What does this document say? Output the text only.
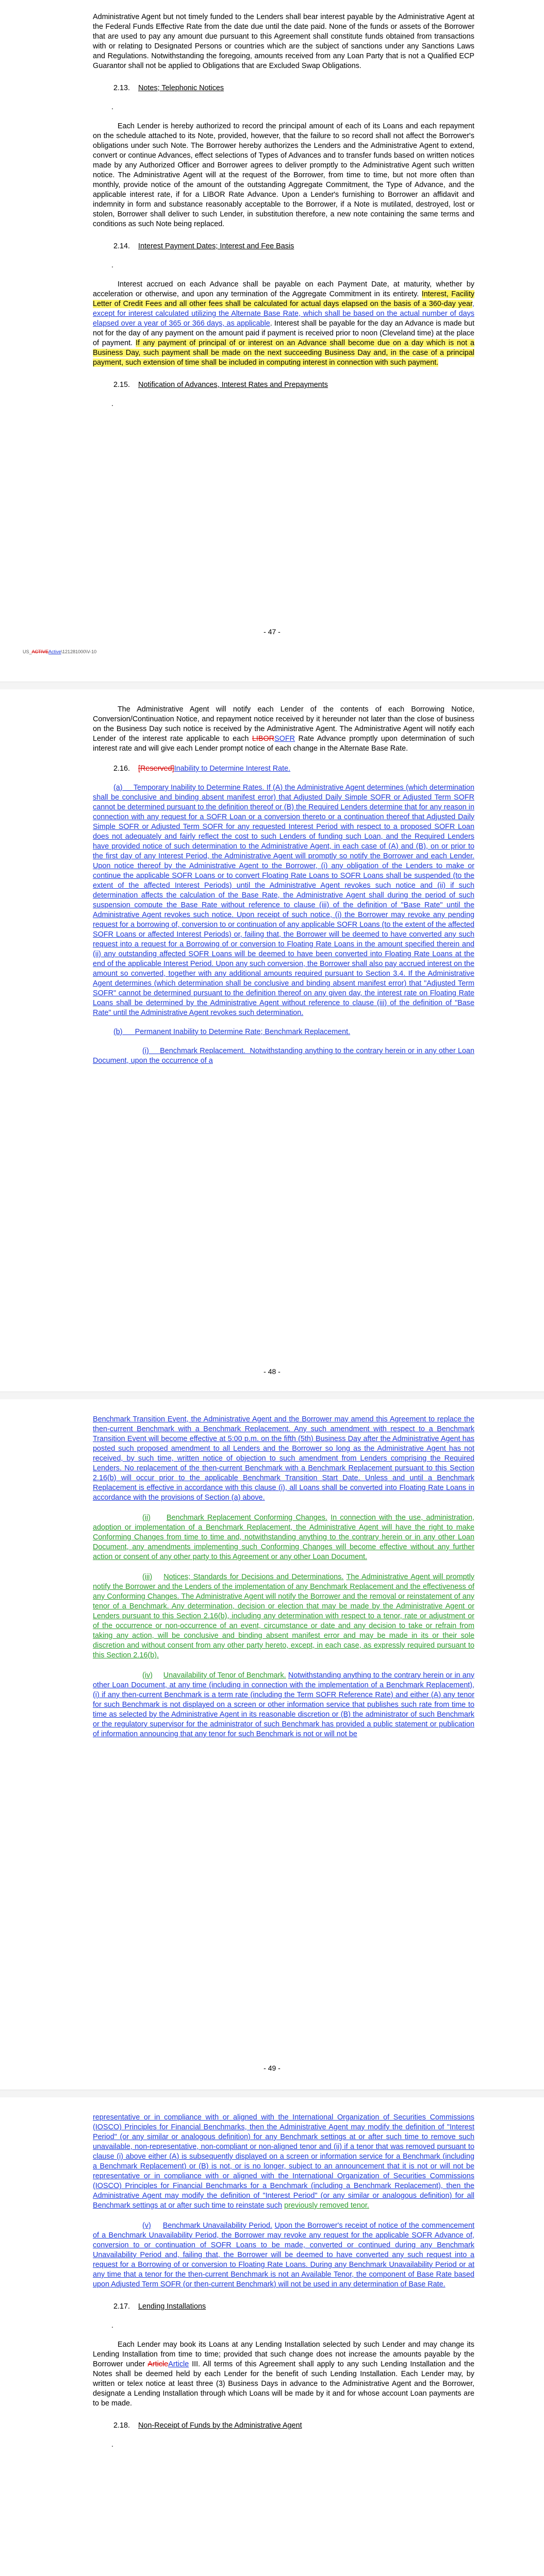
Administrative Agent but not timely funded to the Lenders shall bear interest payable by the Administrative Agent at the Federal Funds Effective Rate from the date due until the date paid. None of the funds or assets of the Borrower that are used to pay any amount due pursuant to this Agreement shall constitute funds obtained from transactions with or relating to Designated Persons or countries which are the subject of sanctions under any Sanctions Laws and Regulations. Notwithstanding the foregoing, amounts received from any Loan Party that is not a Qualified ECP Guarantor shall not be applied to Obligations that are Excluded Swap Obligations.

2.13. Notes; Telephonic Notices

.

Each Lender is hereby authorized to record the principal amount of each of its Loans and each repayment on the schedule attached to its Note, provided, however, that the failure to so record shall not affect the Borrower's obligations under such Note. The Borrower hereby authorizes the Lenders and the Administrative Agent to extend, convert or continue Advances, effect selections of Types of Advances and to transfer funds based on written notices made by any Authorized Officer and Borrower agrees to deliver promptly to the Administrative Agent such written notice. The Administrative Agent will at the request of the Borrower, from time to time, but not more often than monthly, provide notice of the amount of the outstanding Aggregate Commitment, the Type of Advance, and the applicable interest rate, if for a LIBOR Rate Advance. Upon a Lender's furnishing to Borrower an affidavit and indemnity in form and substance reasonably acceptable to the Borrower, if a Note is mutilated, destroyed, lost or stolen, Borrower shall deliver to such Lender, in substitution therefore, a new note containing the same terms and conditions as such Note being replaced.

2.14. Interest Payment Dates; Interest and Fee Basis

.

Interest accrued on each Advance shall be payable on each Payment Date, at maturity, whether by acceleration or otherwise, and upon any termination of the Aggregate Commitment in its entirety. Interest, Facility Letter of Credit Fees and all other fees shall be calculated for actual days elapsed on the basis of a 360-day year, except for interest calculated utilizing the Alternate Base Rate, which shall be based on the actual number of days elapsed over a year of 365 or 366 days, as applicable. Interest shall be payable for the day an Advance is made but not for the day of any payment on the amount paid if payment is received prior to noon (Cleveland time) at the place of payment. If any payment of principal of or interest on an Advance shall become due on a day which is not a Business Day, such payment shall be made on the next succeeding Business Day and, in the case of a principal payment, such extension of time shall be included in computing interest in connection with such payment.

2.15. Notification of Advances, Interest Rates and Prepayments

.

- 47 -
US_ACTIVEActive\121281000\V-10

The Administrative Agent will notify each Lender of the contents of each Borrowing Notice, Conversion/Continuation Notice, and repayment notice received by it hereunder not later than the close of business on the Business Day such notice is received by the Administrative Agent. The Administrative Agent will notify each Lender of the interest rate applicable to each LIBORSOFR Rate Advance promptly upon determination of such interest rate and will give each Lender prompt notice of each change in the Alternate Base Rate.

2.16. [Reserved]Inability to Determine Interest Rate.

(a) Temporary Inability to Determine Rates. If (A) the Administrative Agent determines (which determination shall be conclusive and binding absent manifest error) that Adjusted Daily Simple SOFR or Adjusted Term SOFR cannot be determined pursuant to the definition thereof or (B) the Required Lenders determine that for any reason in connection with any request for a SOFR Loan or a conversion thereto or a continuation thereof that Adjusted Daily Simple SOFR or Adjusted Term SOFR for any requested Interest Period with respect to a proposed SOFR Loan does not adequately and fairly reflect the cost to such Lenders of funding such Loan, and the Required Lenders have provided notice of such determination to the Administrative Agent, in each case of (A) and (B), on or prior to the first day of any Interest Period, the Administrative Agent will promptly so notify the Borrower and each Lender. Upon notice thereof by the Administrative Agent to the Borrower, (i) any obligation of the Lenders to make or continue the applicable SOFR Loans or to convert Floating Rate Loans to SOFR Loans shall be suspended (to the extent of the affected Interest Periods) until the Administrative Agent revokes such notice and (ii) if such determination affects the calculation of the Base Rate, the Administrative Agent shall during the period of such suspension compute the Base Rate without reference to clause (iii) of the definition of "Base Rate" until the Administrative Agent revokes such notice. Upon receipt of such notice, (i) the Borrower may revoke any pending request for a borrowing of, conversion to or continuation of any applicable SOFR Loans (to the extent of the affected SOFR Loans or affected Interest Periods) or, failing that, the Borrower will be deemed to have converted any such request into a request for a Borrowing of or conversion to Floating Rate Loans in the amount specified therein and (ii) any outstanding affected SOFR Loans will be deemed to have been converted into Floating Rate Loans at the end of the applicable Interest Period. Upon any such conversion, the Borrower shall also pay accrued interest on the amount so converted, together with any additional amounts required pursuant to Section 3.4. If the Administrative Agent determines (which determination shall be conclusive and binding absent manifest error) that "Adjusted Term SOFR" cannot be determined pursuant to the definition thereof on any given day, the interest rate on Floating Rate Loans shall be determined by the Administrative Agent without reference to clause (iii) of the definition of "Base Rate" until the Administrative Agent revokes such determination.

(b) Permanent Inability to Determine Rate; Benchmark Replacement.

(i) Benchmark Replacement. Notwithstanding anything to the contrary herein or in any other Loan Document, upon the occurrence of a

- 48 -

Benchmark Transition Event, the Administrative Agent and the Borrower may amend this Agreement to replace the then-current Benchmark with a Benchmark Replacement. Any such amendment with respect to a Benchmark Transition Event will become effective at 5:00 p.m. on the fifth (5th) Business Day after the Administrative Agent has posted such proposed amendment to all Lenders and the Borrower so long as the Administrative Agent has not received, by such time, written notice of objection to such amendment from Lenders comprising the Required Lenders. No replacement of the then-current Benchmark with a Benchmark Replacement pursuant to this Section 2.16(b) will occur prior to the applicable Benchmark Transition Start Date. Unless and until a Benchmark Replacement is effective in accordance with this clause (i), all Loans shall be converted into Floating Rate Loans in accordance with the provisions of Section (a) above.

(ii) Benchmark Replacement Conforming Changes. In connection with the use, administration, adoption or implementation of a Benchmark Replacement, the Administrative Agent will have the right to make Conforming Changes from time to time and, notwithstanding anything to the contrary herein or in any other Loan Document, any amendments implementing such Conforming Changes will become effective without any further action or consent of any other party to this Agreement or any other Loan Document.

(iii) Notices; Standards for Decisions and Determinations. The Administrative Agent will promptly notify the Borrower and the Lenders of the implementation of any Benchmark Replacement and the effectiveness of any Conforming Changes. The Administrative Agent will notify the Borrower and the removal or reinstatement of any tenor of a Benchmark. Any determination, decision or election that may be made by the Administrative Agent or Lenders pursuant to this Section 2.16(b), including any determination with respect to a tenor, rate or adjustment or of the occurrence or non-occurrence of an event, circumstance or date and any decision to take or refrain from taking any action, will be conclusive and binding absent manifest error and may be made in its or their sole discretion and without consent from any other party hereto, except, in each case, as expressly required pursuant to this Section 2.16(b).

(iv) Unavailability of Tenor of Benchmark. Notwithstanding anything to the contrary herein or in any other Loan Document, at any time (including in connection with the implementation of a Benchmark Replacement), (i) if any then-current Benchmark is a term rate (including the Term SOFR Reference Rate) and either (A) any tenor for such Benchmark is not displayed on a screen or other information service that publishes such rate from time to time as selected by the Administrative Agent in its reasonable discretion or (B) the administrator of such Benchmark or the regulatory supervisor for the administrator of such Benchmark has provided a public statement or publication of information announcing that any tenor for such Benchmark is not or will not be

- 49 -

representative or in compliance with or aligned with the International Organization of Securities Commissions (IOSCO) Principles for Financial Benchmarks, then the Administrative Agent may modify the definition of "Interest Period" (or any similar or analogous definition) for any Benchmark settings at or after such time to remove such unavailable, non-representative, non-compliant or non-aligned tenor and (ii) if a tenor that was removed pursuant to clause (i) above either (A) is subsequently displayed on a screen or information service for a Benchmark (including a Benchmark Replacement) or (B) is not, or is no longer, subject to an announcement that it is not or will not be representative or in compliance with or aligned with the International Organization of Securities Commissions (IOSCO) Principles for Financial Benchmarks for a Benchmark (including a Benchmark Replacement), then the Administrative Agent may modify the definition of "Interest Period" (or any similar or analogous definition) for all Benchmark settings at or after such time to reinstate such previously removed tenor.

(v) Benchmark Unavailability Period. Upon the Borrower's receipt of notice of the commencement of a Benchmark Unavailability Period, the Borrower may revoke any request for the applicable SOFR Advance of, conversion to or continuation of SOFR Loans to be made, converted or continued during any Benchmark Unavailability Period and, failing that, the Borrower will be deemed to have converted any such request into a request for a Borrowing of or conversion to Floating Rate Loans. During any Benchmark Unavailability Period or at any time that a tenor for the then-current Benchmark is not an Available Tenor, the component of Base Rate based upon Adjusted Term SOFR (or then-current Benchmark) will not be used in any determination of Base Rate.

2.17. Lending Installations

.

Each Lender may book its Loans at any Lending Installation selected by such Lender and may change its Lending Installation from time to time; provided that such change does not increase the amounts payable by the Borrower under ArticleArticle III. All terms of this Agreement shall apply to any such Lending Installation and the Notes shall be deemed held by each Lender for the benefit of such Lending Installation. Each Lender may, by written or telex notice at least three (3) Business Days in advance to the Administrative Agent and the Borrower, designate a Lending Installation through which Loans will be made by it and for whose account Loan payments are to be made.

2.18. Non-Receipt of Funds by the Administrative Agent

.
